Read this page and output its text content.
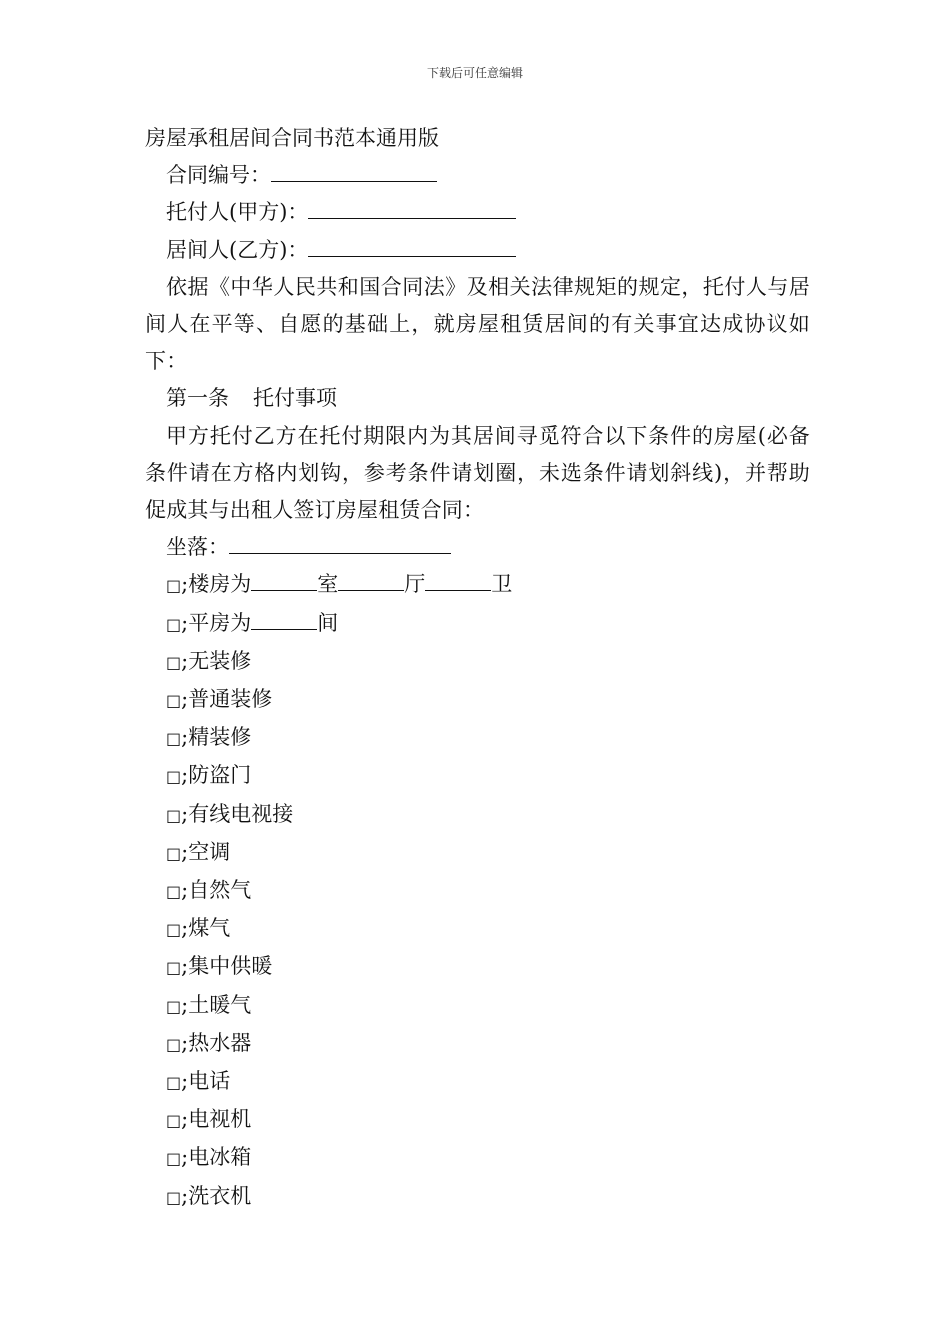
下载后可任意编辑
房屋承租居间合同书范本通用版
合同编号：
托付人(甲方)：
居间人(乙方)：
依据《中华人民共和国合同法》及相关法律规矩的规定，托付人与居间人在平等、自愿的基础上，就房屋租赁居间的有关事宜达成协议如下：
第一条 托付事项
甲方托付乙方在托付期限内为其居间寻觅符合以下条件的房屋(必备条件请在方格内划钩，参考条件请划圈，未选条件请划斜线)，并帮助促成其与出租人签订房屋租赁合同：
坐落：
□;楼房为	室	厅	卫
□;平房为	间
□;无装修
□;普通装修
□;精装修
□;防盗门
□;有线电视接
□;空调
□;自然气
□;煤气
□;集中供暖
□;土暖气
□;热水器
□;电话
□;电视机
□;电冰箱
□;洗衣机
